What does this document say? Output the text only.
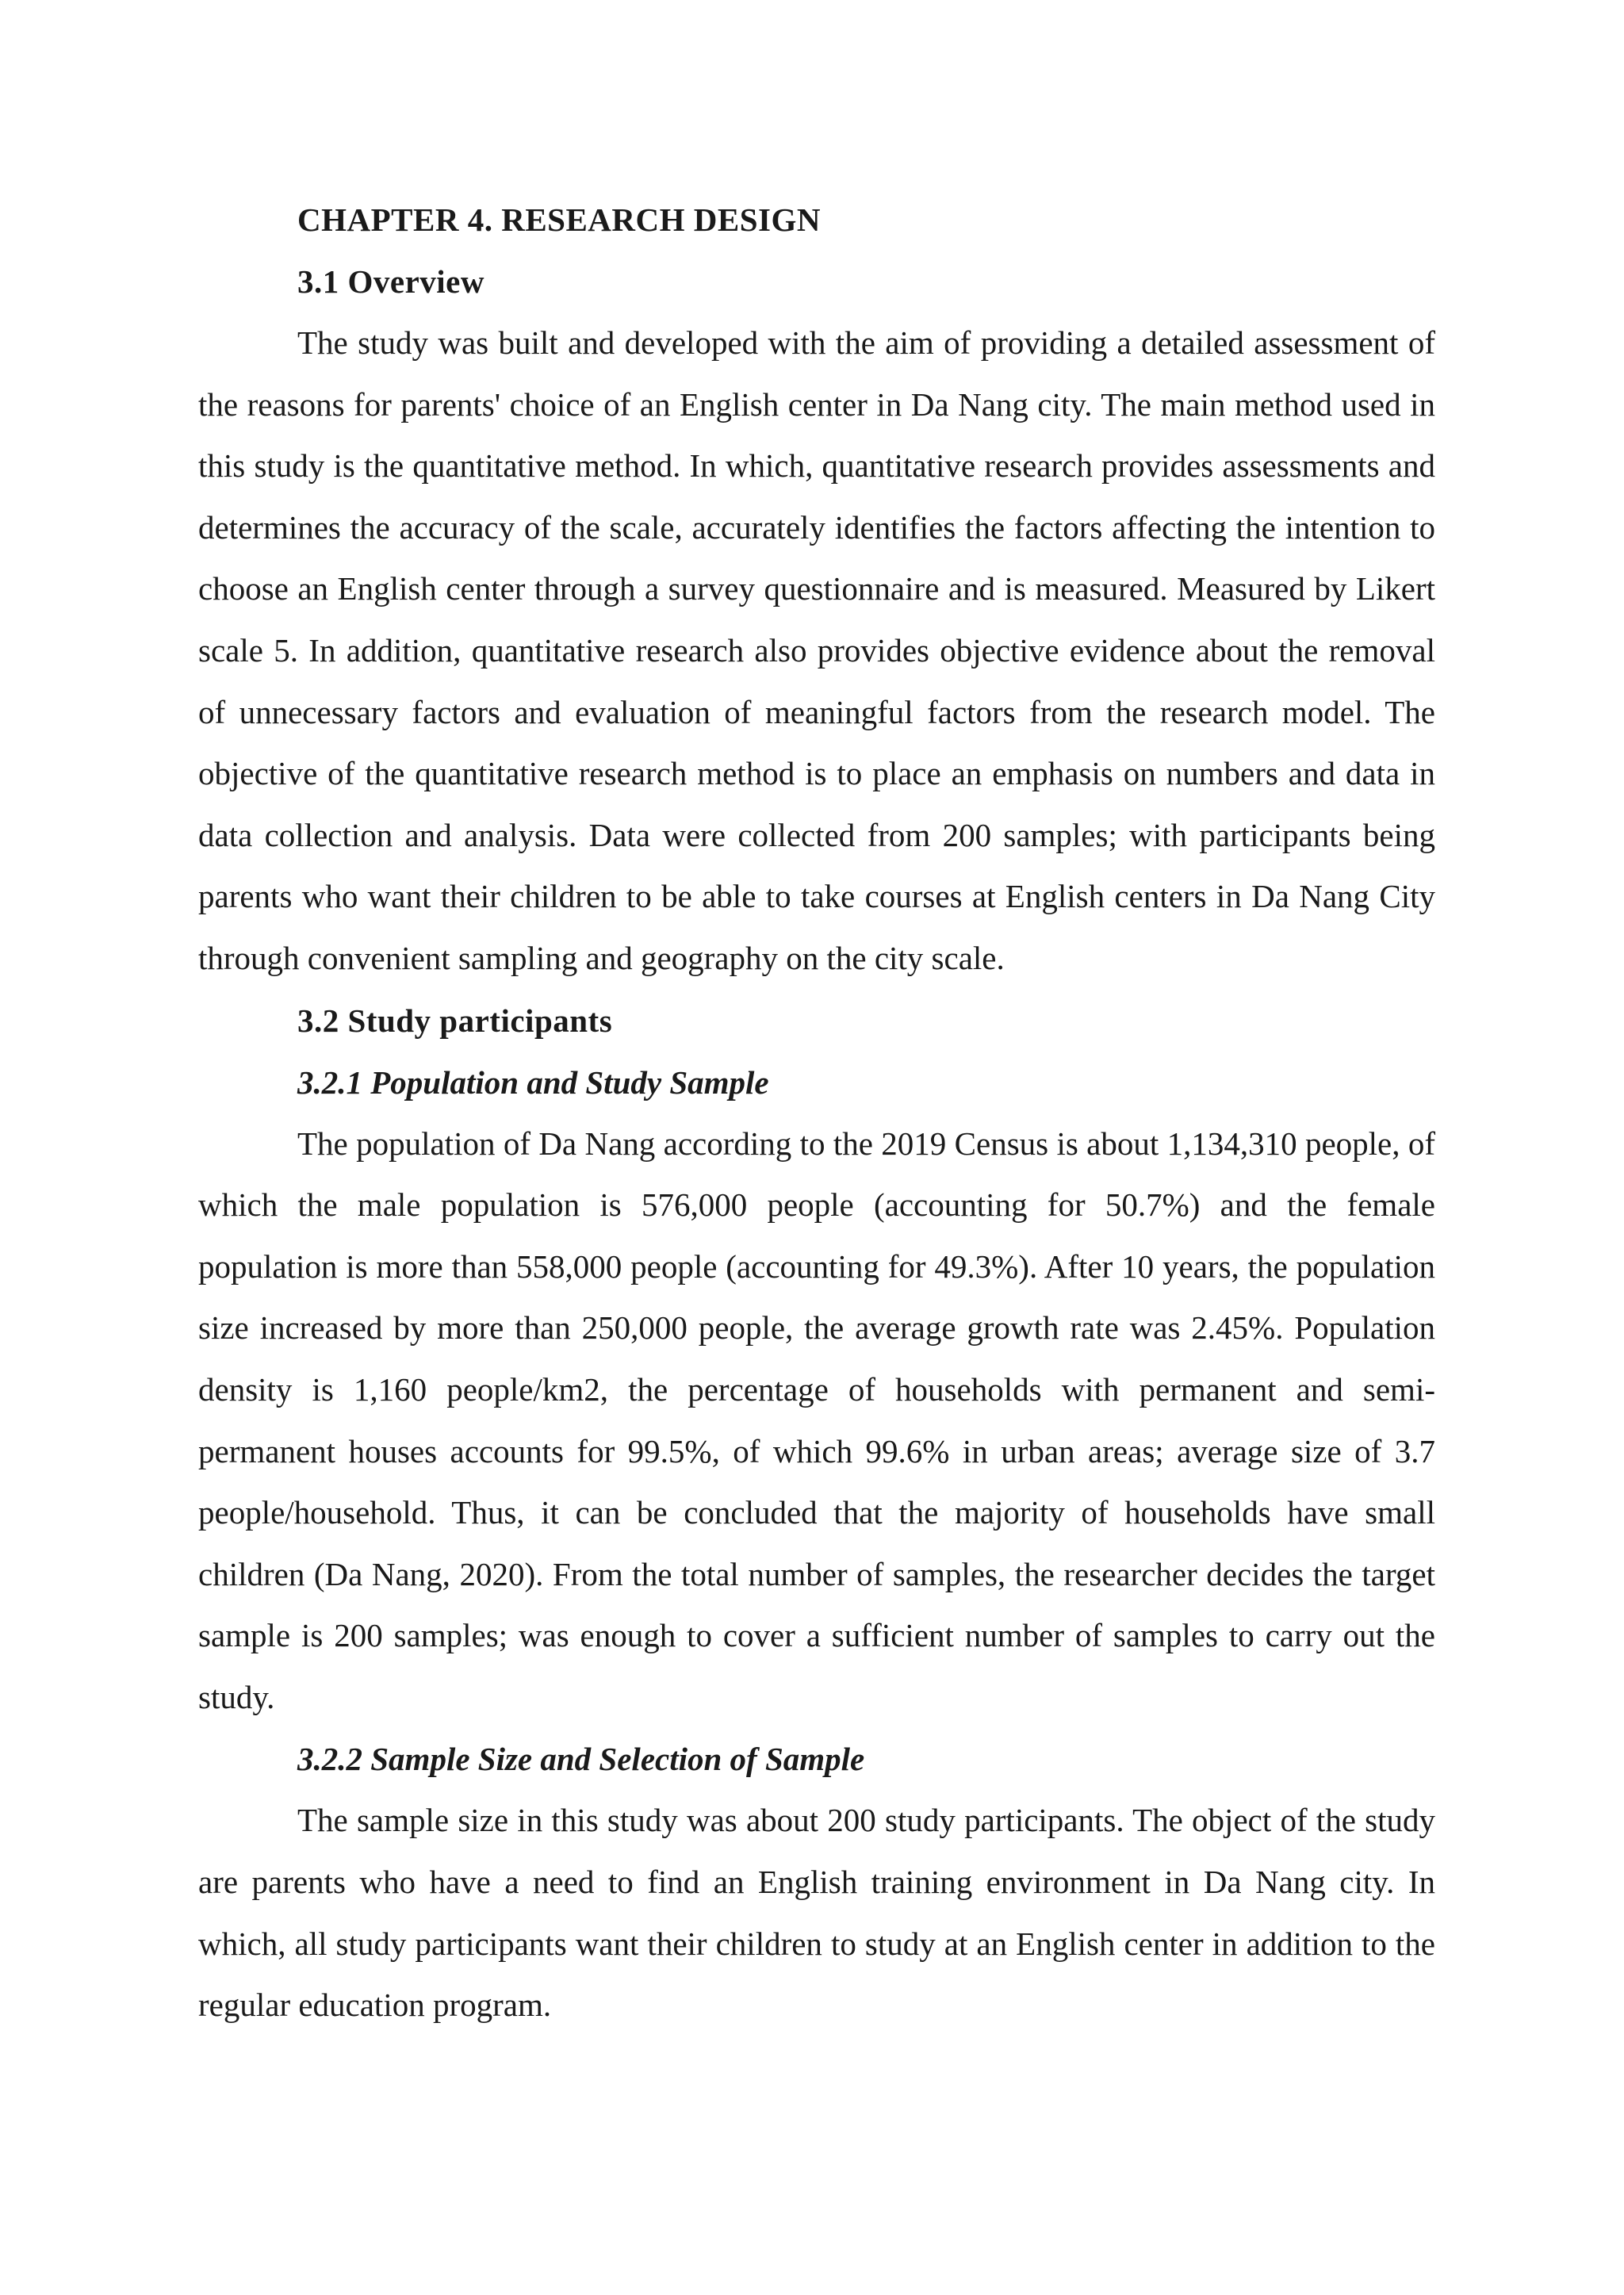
CHAPTER 4. RESEARCH DESIGN
3.1 Overview

The study was built and developed with the aim of providing a detailed assessment of the reasons for parents' choice of an English center in Da Nang city. The main method used in this study is the quantitative method. In which, quantitative research provides assessments and determines the accuracy of the scale, accurately identifies the factors affecting the intention to choose an English center through a survey questionnaire and is measured. Measured by Likert scale 5. In addition, quantitative research also provides objective evidence about the removal of unnecessary factors and evaluation of meaningful factors from the research model. The objective of the quantitative research method is to place an emphasis on numbers and data in data collection and analysis. Data were collected from 200 samples; with participants being parents who want their children to be able to take courses at English centers in Da Nang City through convenient sampling and geography on the city scale.

3.2 Study participants
3.2.1 Population and Study Sample

The population of Da Nang according to the 2019 Census is about 1,134,310 people, of which the male population is 576,000 people (accounting for 50.7%) and the female population is more than 558,000 people (accounting for 49.3%). After 10 years, the population size increased by more than 250,000 people, the average growth rate was 2.45%. Population density is 1,160 people/km2, the percentage of households with permanent and semi-permanent houses accounts for 99.5%, of which 99.6% in urban areas; average size of 3.7 people/household. Thus, it can be concluded that the majority of households have small children (Da Nang, 2020). From the total number of samples, the researcher decides the target sample is 200 samples; was enough to cover a sufficient number of samples to carry out the study.

3.2.2 Sample Size and Selection of Sample

The sample size in this study was about 200 study participants. The object of the study are parents who have a need to find an English training environment in Da Nang city. In which, all study participants want their children to study at an English center in addition to the regular education program.
